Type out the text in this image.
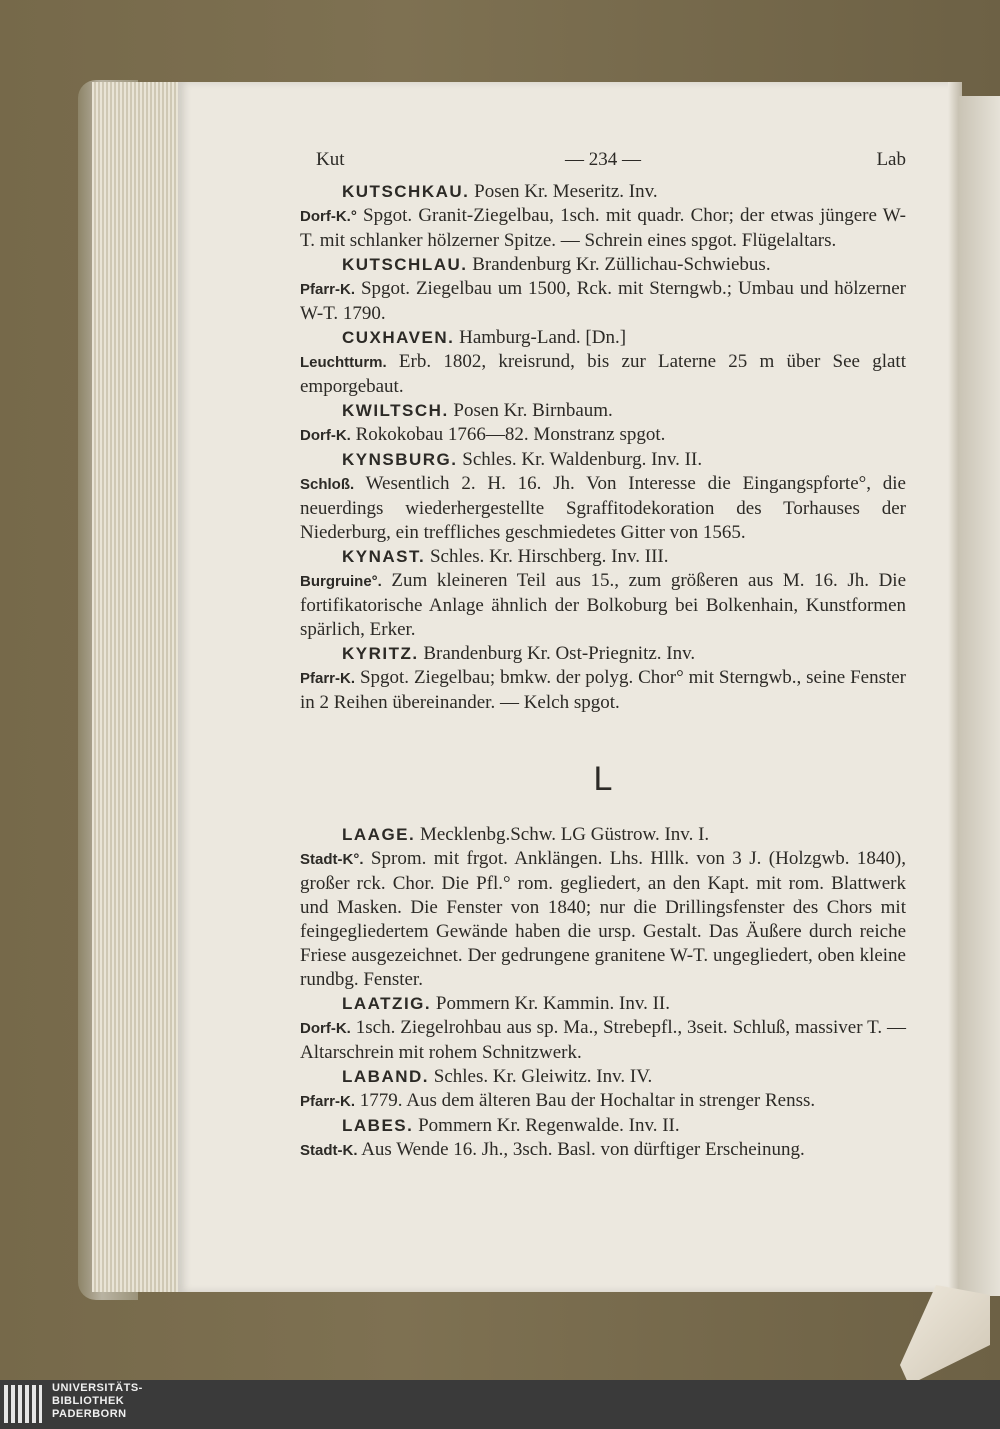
Kut	— 234 —	Lab

KUTSCHKAU. Posen Kr. Meseritz. Inv.
Dorf-K.° Spgot. Granit-Ziegelbau, 1sch. mit quadr. Chor; der etwas jüngere W-T. mit schlanker hölzerner Spitze. — Schrein eines spgot. Flügelaltars.

KUTSCHLAU. Brandenburg Kr. Züllichau-Schwiebus.
Pfarr-K. Spgot. Ziegelbau um 1500, Rck. mit Sterngwb.; Umbau und hölzerner W-T. 1790.

CUXHAVEN. Hamburg-Land. [Dn.]
Leuchtturm. Erb. 1802, kreisrund, bis zur Laterne 25 m über See glatt emporgebaut.

KWILTSCH. Posen Kr. Birnbaum.
Dorf-K. Rokokobau 1766—82. Monstranz spgot.

KYNSBURG. Schles. Kr. Waldenburg. Inv. II.
Schloß. Wesentlich 2. H. 16. Jh. Von Interesse die Eingangspforte°, die neuerdings wiederhergestellte Sgraffitodekoration des Torhauses der Niederburg, ein treffliches geschmiedetes Gitter von 1565.

KYNAST. Schles. Kr. Hirschberg. Inv. III.
Burgruine°. Zum kleineren Teil aus 15., zum größeren aus M. 16. Jh. Die fortifikatorische Anlage ähnlich der Bolkoburg bei Bolkenhain, Kunstformen spärlich, Erker.

KYRITZ. Brandenburg Kr. Ost-Priegnitz. Inv.
Pfarr-K. Spgot. Ziegelbau; bmkw. der polyg. Chor° mit Sterngwb., seine Fenster in 2 Reihen übereinander. — Kelch spgot.

L

LAAGE. Mecklenbg.Schw. LG Güstrow. Inv. I.
Stadt-K°. Sprom. mit frgot. Anklängen. Lhs. Hllk. von 3 J. (Holzgwb. 1840), großer rck. Chor. Die Pfl.° rom. gegliedert, an den Kapt. mit rom. Blattwerk und Masken. Die Fenster von 1840; nur die Drillingsfenster des Chors mit feingegliedertem Gewände haben die ursp. Gestalt. Das Äußere durch reiche Friese ausgezeichnet. Der gedrungene granitene W-T. ungegliedert, oben kleine rundbg. Fenster.

LAATZIG. Pommern Kr. Kammin. Inv. II.
Dorf-K. 1sch. Ziegelrohbau aus sp. Ma., Strebepfl., 3seit. Schluß, massiver T. — Altarschrein mit rohem Schnitzwerk.

LABAND. Schles. Kr. Gleiwitz. Inv. IV.
Pfarr-K. 1779. Aus dem älteren Bau der Hochaltar in strenger Renss.

LABES. Pommern Kr. Regenwalde. Inv. II.
Stadt-K. Aus Wende 16. Jh., 3sch. Basl. von dürftiger Erscheinung.

UNIVERSITÄTS-
BIBLIOTHEK
PADERBORN
